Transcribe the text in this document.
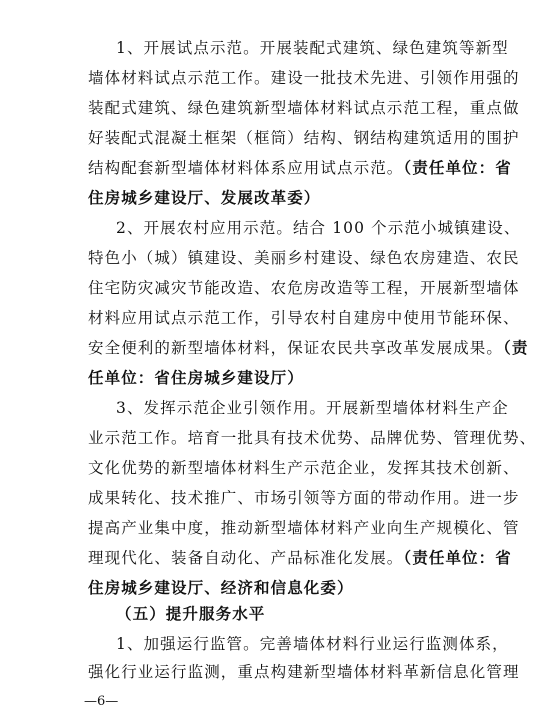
1、开展试点示范。开展装配式建筑、绿色建筑等新型
墙体材料试点示范工作。建设一批技术先进、引领作用强的
装配式建筑、绿色建筑新型墙体材料试点示范工程，重点做
好装配式混凝土框架（框筒）结构、钢结构建筑适用的围护
结构配套新型墙体材料体系应用试点示范。（责任单位：省
住房城乡建设厅、发展改革委）
2、开展农村应用示范。结合 100 个示范小城镇建设、
特色小（城）镇建设、美丽乡村建设、绿色农房建造、农民
住宅防灾减灾节能改造、农危房改造等工程，开展新型墙体
材料应用试点示范工作，引导农村自建房中使用节能环保、
安全便利的新型墙体材料，保证农民共享改革发展成果。（责
任单位：省住房城乡建设厅）
3、发挥示范企业引领作用。开展新型墙体材料生产企
业示范工作。培育一批具有技术优势、品牌优势、管理优势、
文化优势的新型墙体材料生产示范企业，发挥其技术创新、
成果转化、技术推广、市场引领等方面的带动作用。进一步
提高产业集中度，推动新型墙体材料产业向生产规模化、管
理现代化、装备自动化、产品标准化发展。（责任单位：省
住房城乡建设厅、经济和信息化委）
（五）提升服务水平
1、加强运行监管。完善墙体材料行业运行监测体系，
—6—
强化行业运行监测，重点构建新型墙体材料革新信息化管理
